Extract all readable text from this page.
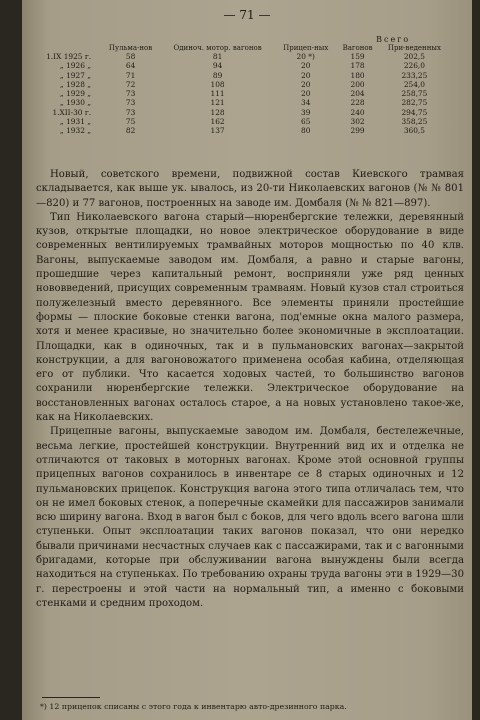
— 71 —
	Пульма-нов	Одиноч. мотор. вагонов	Прицеп-ных	Всего	
				Вагонов	При-веденных
1.IX 1925 г.	58	81	20 *)	159	202,5
„ 1926 „	64	94	20	178	226,0
„ 1927 „	71	89	20	180	233,25
„ 1928 „	72	108	20	200	254,0
„ 1929 „	73	111	20	204	258,75
„ 1930 „	73	121	34	228	282,75
1.XII-30 г.	73	128	39	240	294,75
„ 1931 „	75	162	65	302	358,25
„ 1932 „	82	137	80	299	360,5

Новый, советского времени, подвижной состав Киевского трамвая складывается, как выше ук. ывалось, из 20-ти Николаевских вагонов (№ № 801—820) и 77 вагонов, построенных на заводе им. Домбаля (№ № 821—897).

Тип Николаевского вагона старый—нюренбергские тележки, деревянный кузов, открытые площадки, но новое электрическое оборудование в виде современных вентилируемых трамвайных моторов мощностью по 40 клв. Вагоны, выпускаемые заводом им. Домбаля, а равно и старые вагоны, прошедшие через капитальный ремонт, восприняли уже ряд ценных нововведений, присущих современным трамваям. Новый кузов стал строиться полужелезный вместо деревянного. Все элементы приняли простейшие формы — плоские боковые стенки вагона, под'емные окна малого размера, хотя и менее красивые, но значительно более экономичные в эксплоатации. Площадки, как в одиночных, так и в пульмановских вагонах—закрытой конструкции, а для вагоновожатого применена особая кабина, отделяющая его от публики. Что касается ходовых частей, то большинство вагонов сохранили нюренбергские тележки. Электрическое оборудование на восстановленных вагонах осталось старое, а на новых установлено такое-же, как на Николаевских.

Прицепные вагоны, выпускаемые заводом им. Домбаля, бестележечные, весьма легкие, простейшей конструкции. Внутренний вид их и отделка не отличаются от таковых в моторных вагонах. Кроме этой основной группы прицепных вагонов сохранилось в инвентаре се 8 старых одиночных и 12 пульмановских прицепок. Конструкция вагона этого типа отличалась тем, что он не имел боковых стенок, а поперечные скамейки для пассажиров занимали всю ширину вагона. Вход в вагон был с боков, для чего вдоль всего вагона шли ступеньки. Опыт эксплоатации таких вагонов показал, что они нередко бывали причинами несчастных случаев как с пассажирами, так и с вагонными бригадами, которые при обслуживании вагона вынуждены были всегда находиться на ступеньках. По требованию охраны труда вагоны эти в 1929—30 г. перестроены и этой части на нормальный тип, а именно с боковыми стенками и средним проходом.

*) 12 прицепок списаны с этого года к инвентарю авто-дрезинного парка.
